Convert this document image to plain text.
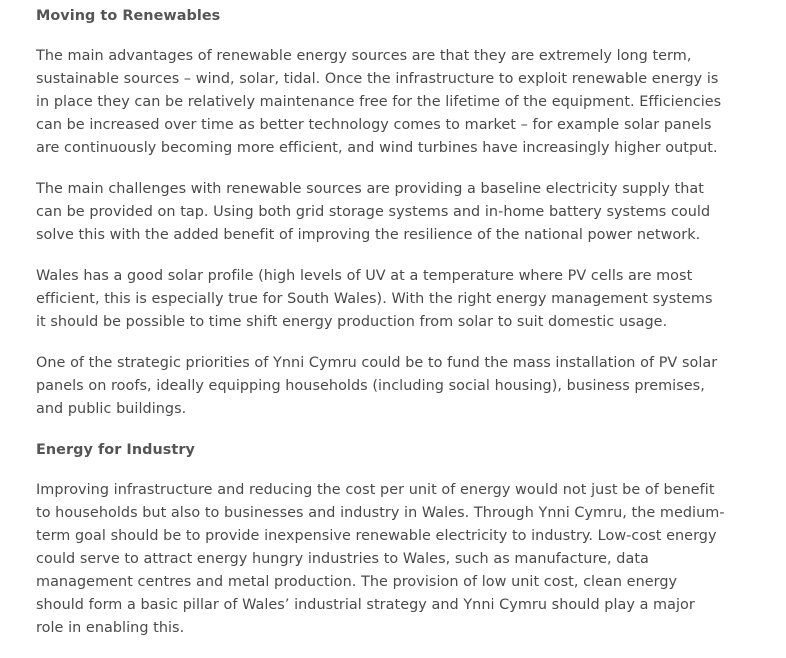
Moving to Renewables

The main advantages of renewable energy sources are that they are extremely long term, sustainable sources – wind, solar, tidal. Once the infrastructure to exploit renewable energy is in place they can be relatively maintenance free for the lifetime of the equipment. Efficiencies can be increased over time as better technology comes to market – for example solar panels are continuously becoming more efficient, and wind turbines have increasingly higher output.

The main challenges with renewable sources are providing a baseline electricity supply that can be provided on tap. Using both grid storage systems and in-home battery systems could solve this with the added benefit of improving the resilience of the national power network.

Wales has a good solar profile (high levels of UV at a temperature where PV cells are most efficient, this is especially true for South Wales). With the right energy management systems it should be possible to time shift energy production from solar to suit domestic usage.

One of the strategic priorities of Ynni Cymru could be to fund the mass installation of PV solar panels on roofs, ideally equipping households (including social housing), business premises, and public buildings.

Energy for Industry

Improving infrastructure and reducing the cost per unit of energy would not just be of benefit to households but also to businesses and industry in Wales. Through Ynni Cymru, the medium-term goal should be to provide inexpensive renewable electricity to industry. Low-cost energy could serve to attract energy hungry industries to Wales, such as manufacture, data management centres and metal production. The provision of low unit cost, clean energy should form a basic pillar of Wales’ industrial strategy and Ynni Cymru should play a major role in enabling this.
